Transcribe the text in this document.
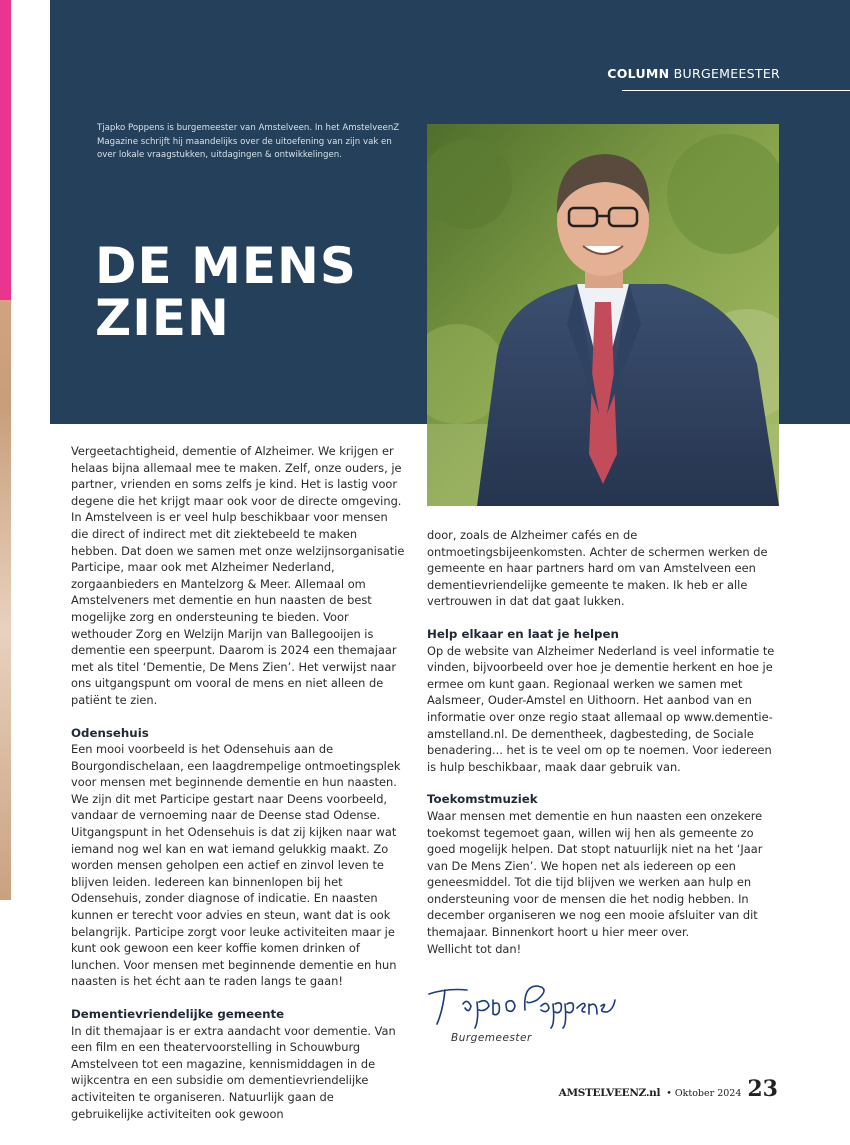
COLUMN BURGEMEESTER
Tjapko Poppens is burgemeester van Amstelveen. In het AmstelveenZ Magazine schrijft hij maandelijks over de uitoefening van zijn vak en over lokale vraagstukken, uitdagingen & ontwikkelingen.
DE MENS
ZIEN

Vergeetachtigheid, dementie of Alzheimer. We krijgen er helaas bijna allemaal mee te maken. Zelf, onze ouders, je partner, vrienden en soms zelfs je kind. Het is lastig voor degene die het krijgt maar ook voor de directe omgeving. In Amstelveen is er veel hulp beschikbaar voor mensen die direct of indirect met dit ziektebeeld te maken hebben. Dat doen we samen met onze welzijnsorganisatie Participe, maar ook met Alzheimer Nederland, zorgaanbieders en Mantelzorg & Meer. Allemaal om Amstelveners met dementie en hun naasten de best mogelijke zorg en ondersteuning te bieden. Voor wethouder Zorg en Welzijn Marijn van Ballegooijen is dementie een speerpunt. Daarom is 2024 een themajaar met als titel ‘Dementie, De Mens Zien’. Het verwijst naar ons uitgangspunt om vooral de mens en niet alleen de patiënt te zien.

Odensehuis

Een mooi voorbeeld is het Odensehuis aan de Bourgondischelaan, een laagdrempelige ontmoetingsplek voor mensen met beginnende dementie en hun naasten. We zijn dit met Participe gestart naar Deens voorbeeld, vandaar de vernoeming naar de Deense stad Odense. Uitgangspunt in het Odensehuis is dat zij kijken naar wat iemand nog wel kan en wat iemand gelukkig maakt. Zo worden mensen geholpen een actief en zinvol leven te blijven leiden. Iedereen kan binnenlopen bij het Odensehuis, zonder diagnose of indicatie. En naasten kunnen er terecht voor advies en steun, want dat is ook belangrijk. Participe zorgt voor leuke activiteiten maar je kunt ook gewoon een keer koffie komen drinken of lunchen. Voor mensen met beginnende dementie en hun naasten is het écht aan te raden langs te gaan!

Dementievriendelijke gemeente

In dit themajaar is er extra aandacht voor dementie. Van een film en een theatervoorstelling in Schouwburg Amstelveen tot een magazine, kennismiddagen in de wijkcentra en een subsidie om dementievriendelijke activiteiten te organiseren. Natuurlijk gaan de gebruikelijke activiteiten ook gewoon

door, zoals de Alzheimer cafés en de ontmoetingsbijeenkomsten. Achter de schermen werken de gemeente en haar partners hard om van Amstelveen een dementievriendelijke gemeente te maken. Ik heb er alle vertrouwen in dat dat gaat lukken.

Help elkaar en laat je helpen

Op de website van Alzheimer Nederland is veel informatie te vinden, bijvoorbeeld over hoe je dementie herkent en hoe je ermee om kunt gaan. Regionaal werken we samen met Aalsmeer, Ouder-Amstel en Uithoorn. Het aanbod van en informatie over onze regio staat allemaal op www.dementie-amstelland.nl. De dementheek, dagbesteding, de Sociale benadering... het is te veel om op te noemen. Voor iedereen is hulp beschikbaar, maak daar gebruik van.

Toekomstmuziek

Waar mensen met dementie en hun naasten een onzekere toekomst tegemoet gaan, willen wij hen als gemeente zo goed mogelijk helpen. Dat stopt natuurlijk niet na het ‘Jaar van De Mens Zien’. We hopen net als iedereen op een geneesmiddel. Tot die tijd blijven we werken aan hulp en ondersteuning voor de mensen die het nodig hebben. In december organiseren we nog een mooie afsluiter van dit themajaar. Binnenkort hoort u hier meer over.

Wellicht tot dan!

Burgemeester
AMSTELVEENZ.nl • Oktober 2024 23
